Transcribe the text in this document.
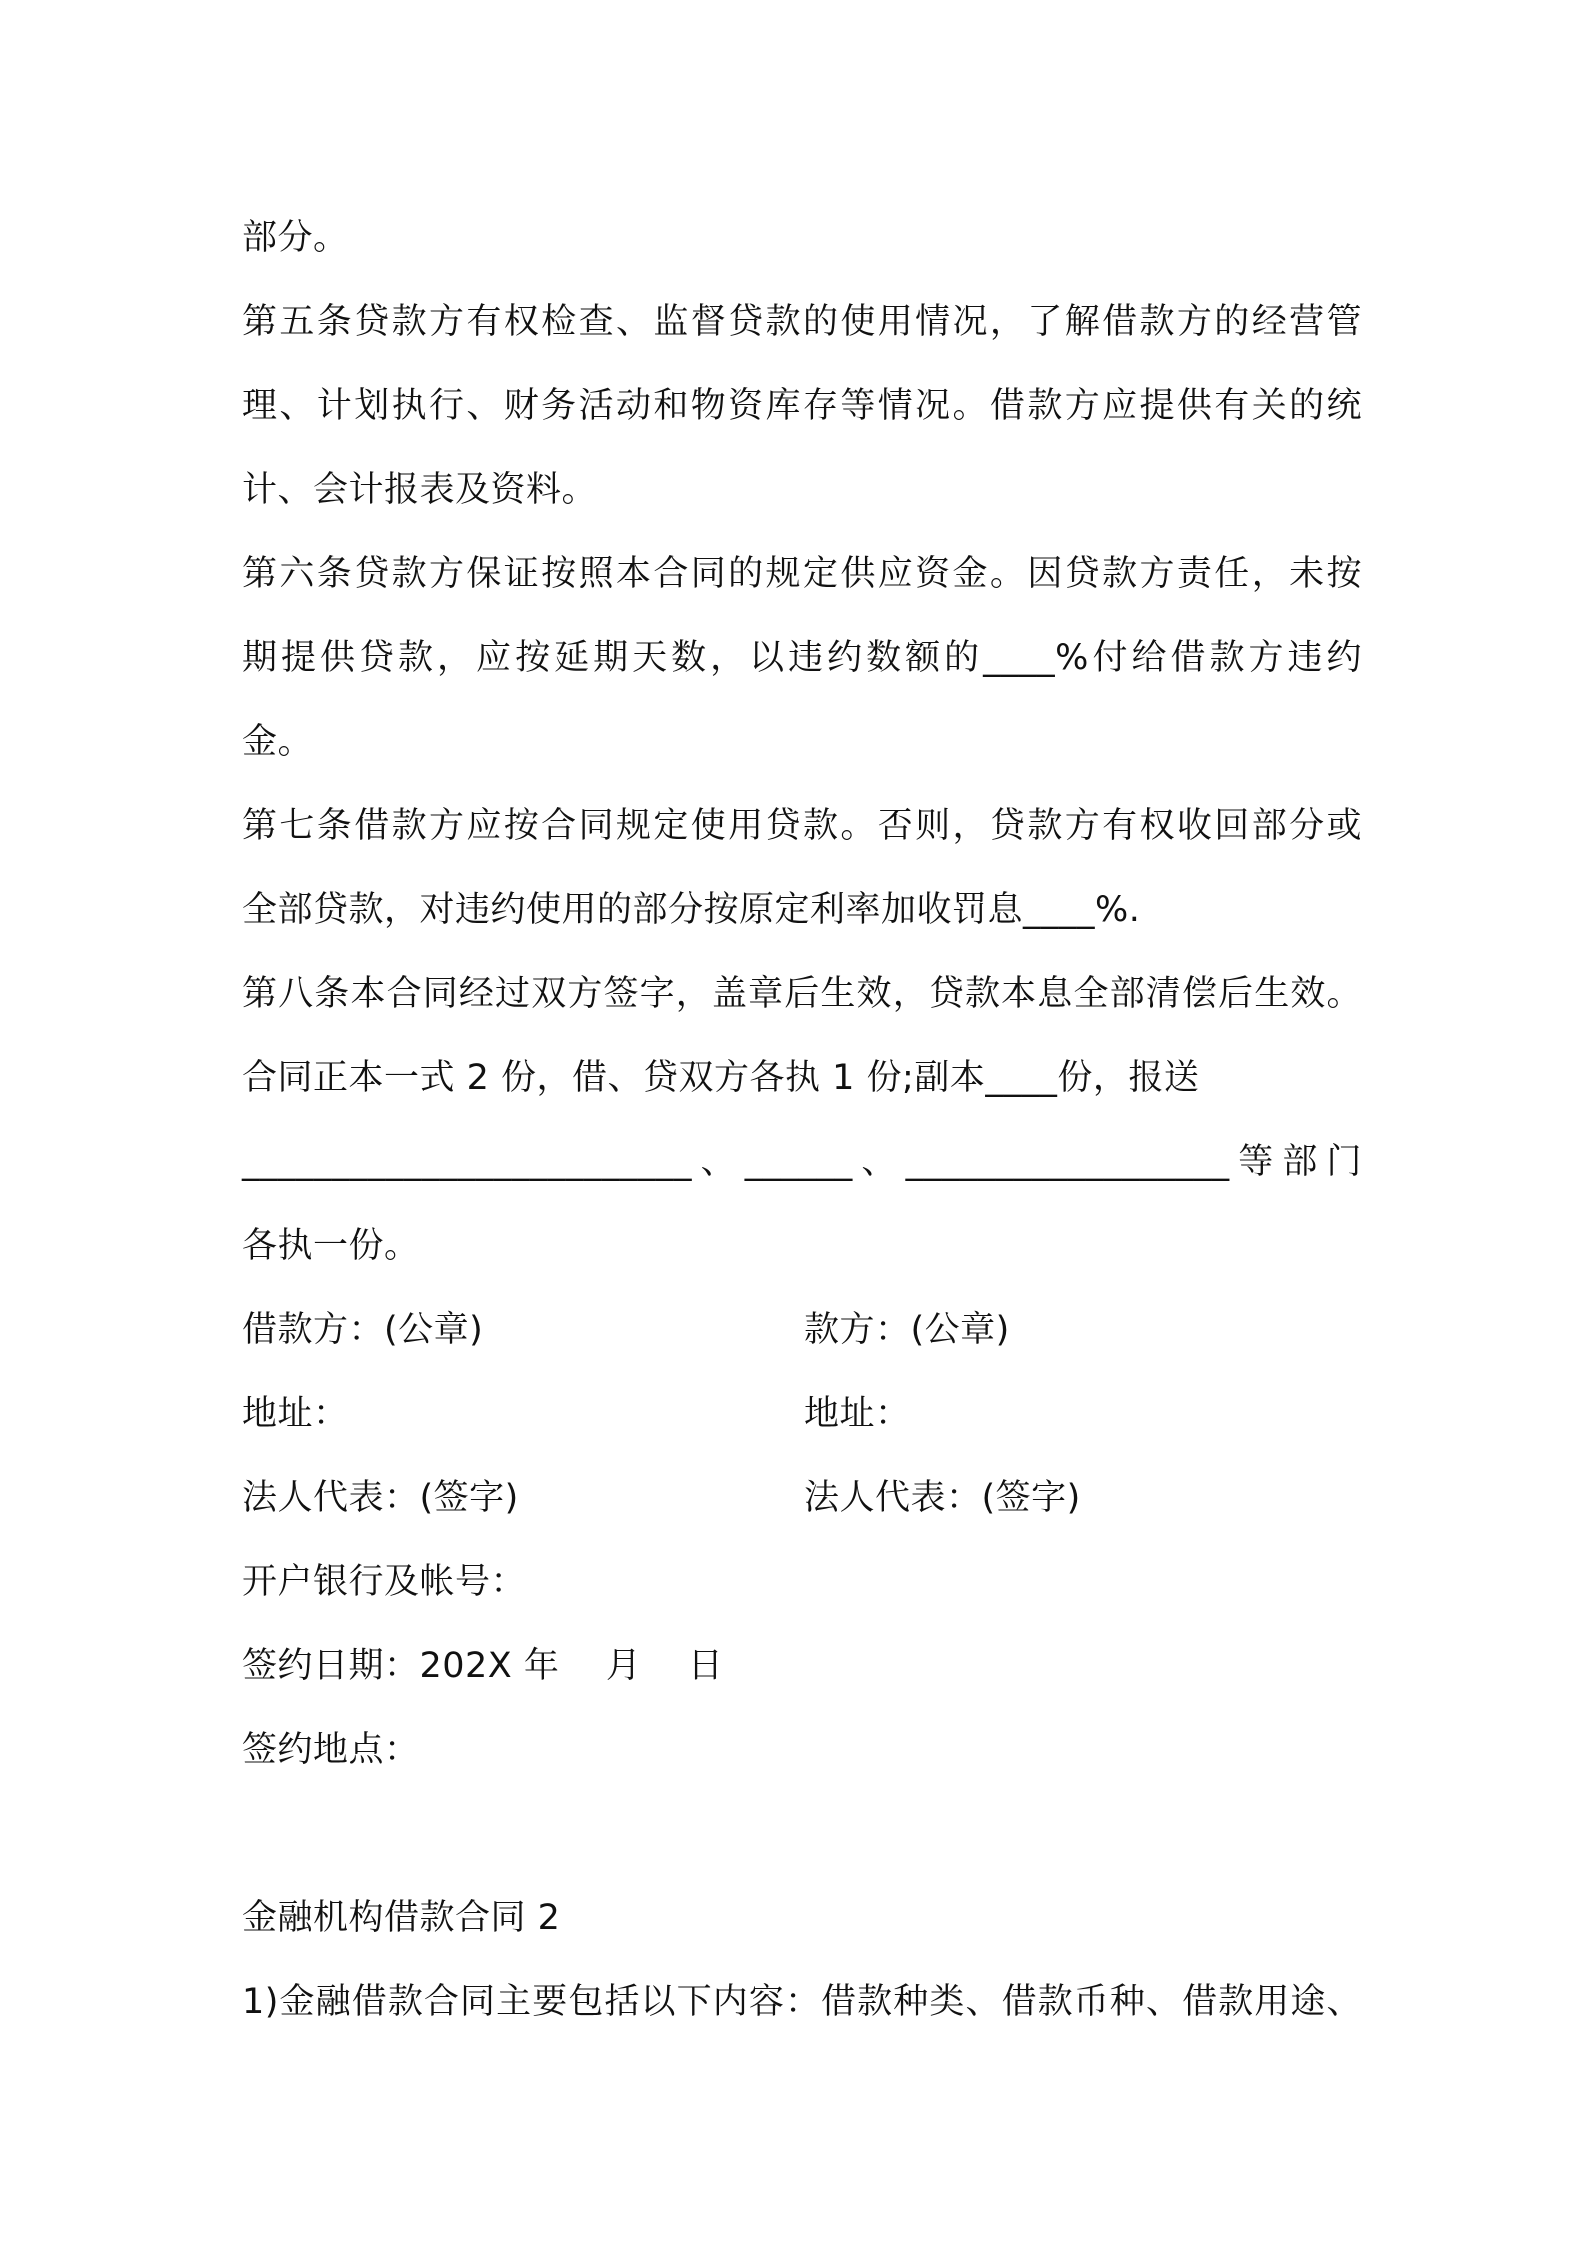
部分。
第五条贷款方有权检查、监督贷款的使用情况，了解借款方的经营管
理、计划执行、财务活动和物资库存等情况。借款方应提供有关的统
计、会计报表及资料。
第六条贷款方保证按照本合同的规定供应资金。因贷款方责任，未按
期提供贷款，应按延期天数，以违约数额的____%付给借款方违约
金。
第七条借款方应按合同规定使用贷款。否则，贷款方有权收回部分或
全部贷款，对违约使用的部分按原定利率加收罚息____%.
第八条本合同经过双方签字，盖章后生效，贷款本息全部清偿后生效。
合同正本一式 2 份，借、贷双方各执 1 份;副本____份，报送
_________________________、______、__________________等部门
各执一份。
借款方：(公章)	款方：(公章)
地址：	地址：
法人代表：(签字)	法人代表：(签字)
开户银行及帐号：
签约日期：202X 年    月    日
签约地点：
金融机构借款合同 2
1)金融借款合同主要包括以下内容：借款种类、借款币种、借款用途、
